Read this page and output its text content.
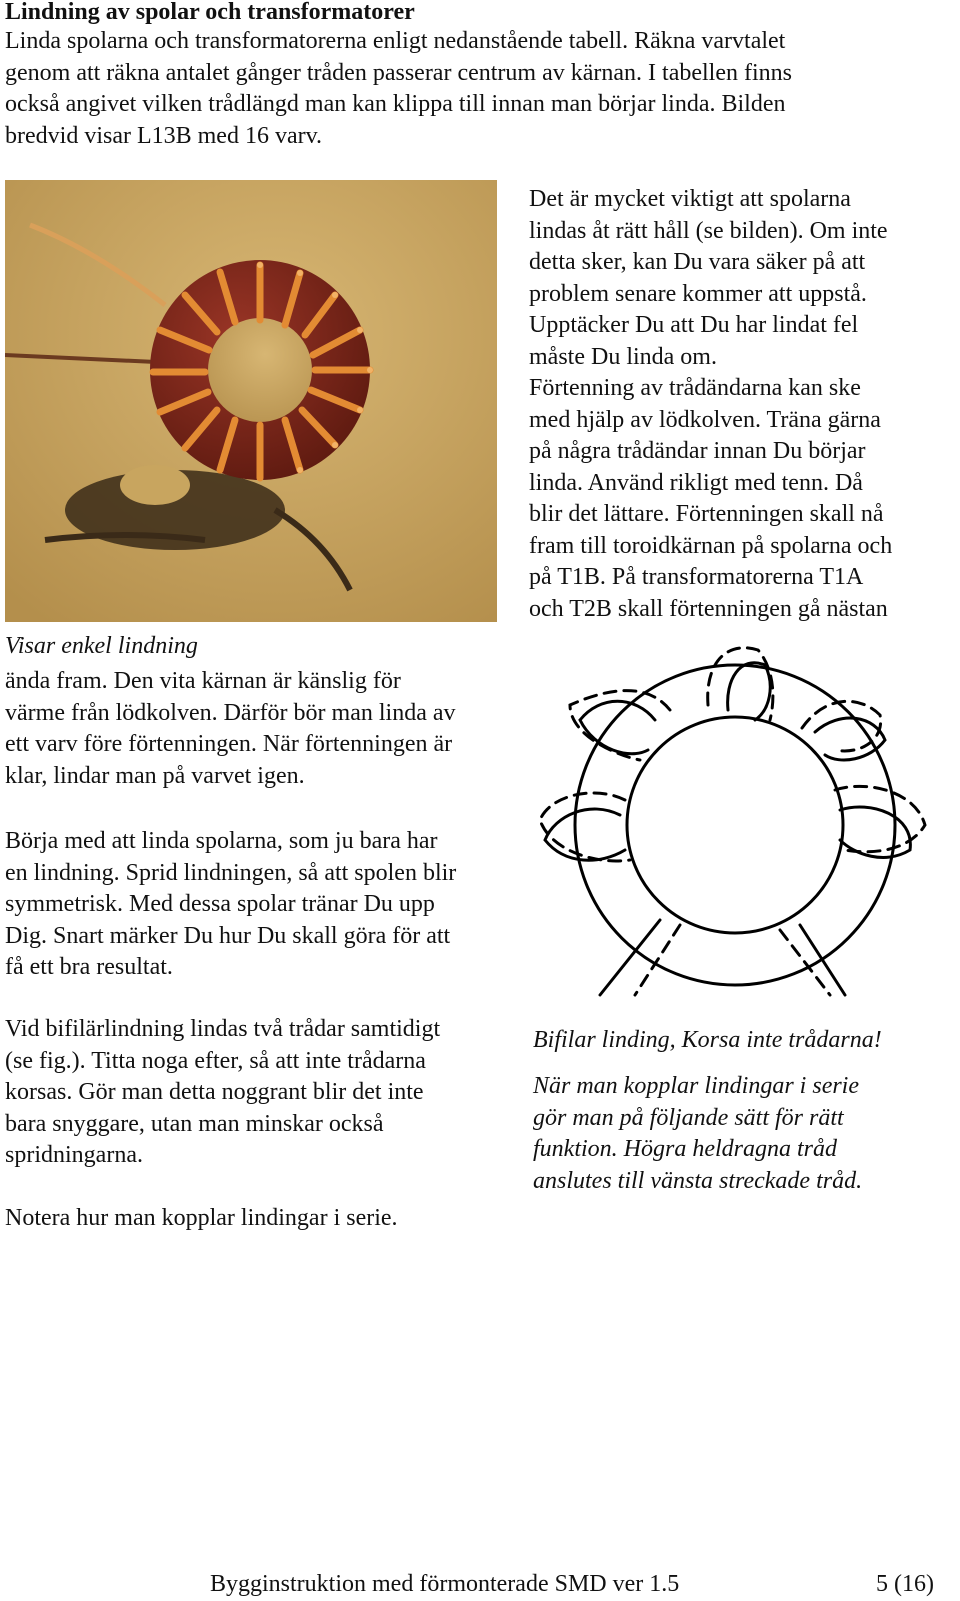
Lindning av spolar och transformatorer
Linda spolarna och transformatorerna enligt nedanstående tabell. Räkna varvtalet
genom att räkna antalet gånger tråden passerar centrum av kärnan. I tabellen finns
också angivet vilken trådlängd man kan klippa till innan man börjar linda. Bilden
bredvid visar L13B med 16 varv.
Visar enkel lindning
Det är mycket viktigt att spolarna
lindas åt rätt håll (se bilden). Om inte
detta sker, kan Du vara säker på att
problem senare kommer att uppstå.
Upptäcker Du att Du har lindat fel
måste Du linda om.
Förtenning av trådändarna kan ske
med hjälp av lödkolven. Träna gärna
på några trådändar innan Du börjar
linda. Använd rikligt med tenn. Då
blir det lättare. Förtenningen skall nå
fram till toroidkärnan på spolarna och
på T1B. På transformatorerna T1A
och T2B skall förtenningen gå nästan
ända fram. Den vita kärnan är känslig för
värme från lödkolven. Därför bör man linda av
ett varv före förtenningen. När förtenningen är
klar, lindar man på varvet igen.
Börja med att linda spolarna, som ju bara har
en lindning. Sprid lindningen, så att spolen blir
symmetrisk. Med dessa spolar tränar Du upp
Dig. Snart märker Du hur Du skall göra för att
få ett bra resultat.
Vid bifilärlindning lindas två trådar samtidigt
(se fig.). Titta noga efter, så att inte trådarna
korsas. Gör man detta noggrant blir det inte
bara snyggare, utan man minskar också
spridningarna.
Notera hur man kopplar lindingar i serie.
Bifilar linding, Korsa inte trådarna!
När man kopplar lindingar i serie
gör man på följande sätt för rätt
funktion. Högra heldragna tråd
anslutes till vänsta streckade tråd.
Bygginstruktion med förmonterade SMD ver 1.5	5 (16)
